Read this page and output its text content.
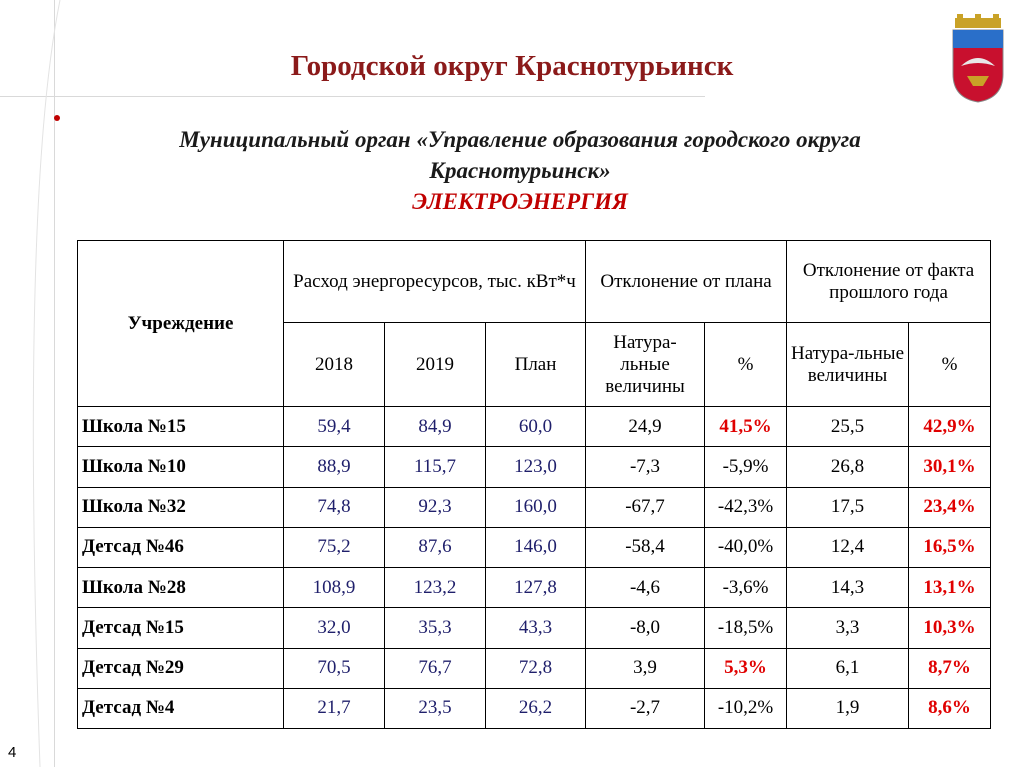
Городской округ Краснотурьинск
Муниципальный орган «Управление образования городского округа
Краснотурьинск»
ЭЛЕКТРОЭНЕРГИЯ
Учреждение	Расход энергоресурсов, тыс. кВт*ч			Отклонение от плана		Отклонение от факта прошлого года	
	2018	2019	План	Натура-льные величины	%	Натура-льные величины	%
Школа №15	59,4	84,9	60,0	24,9	41,5%	25,5	42,9%
Школа №10	88,9	115,7	123,0	-7,3	-5,9%	26,8	30,1%
Школа №32	74,8	92,3	160,0	-67,7	-42,3%	17,5	23,4%
Детсад №46	75,2	87,6	146,0	-58,4	-40,0%	12,4	16,5%
Школа №28	108,9	123,2	127,8	-4,6	-3,6%	14,3	13,1%
Детсад №15	32,0	35,3	43,3	-8,0	-18,5%	3,3	10,3%
Детсад №29	70,5	76,7	72,8	3,9	5,3%	6,1	8,7%
Детсад №4	21,7	23,5	26,2	-2,7	-10,2%	1,9	8,6%
4
